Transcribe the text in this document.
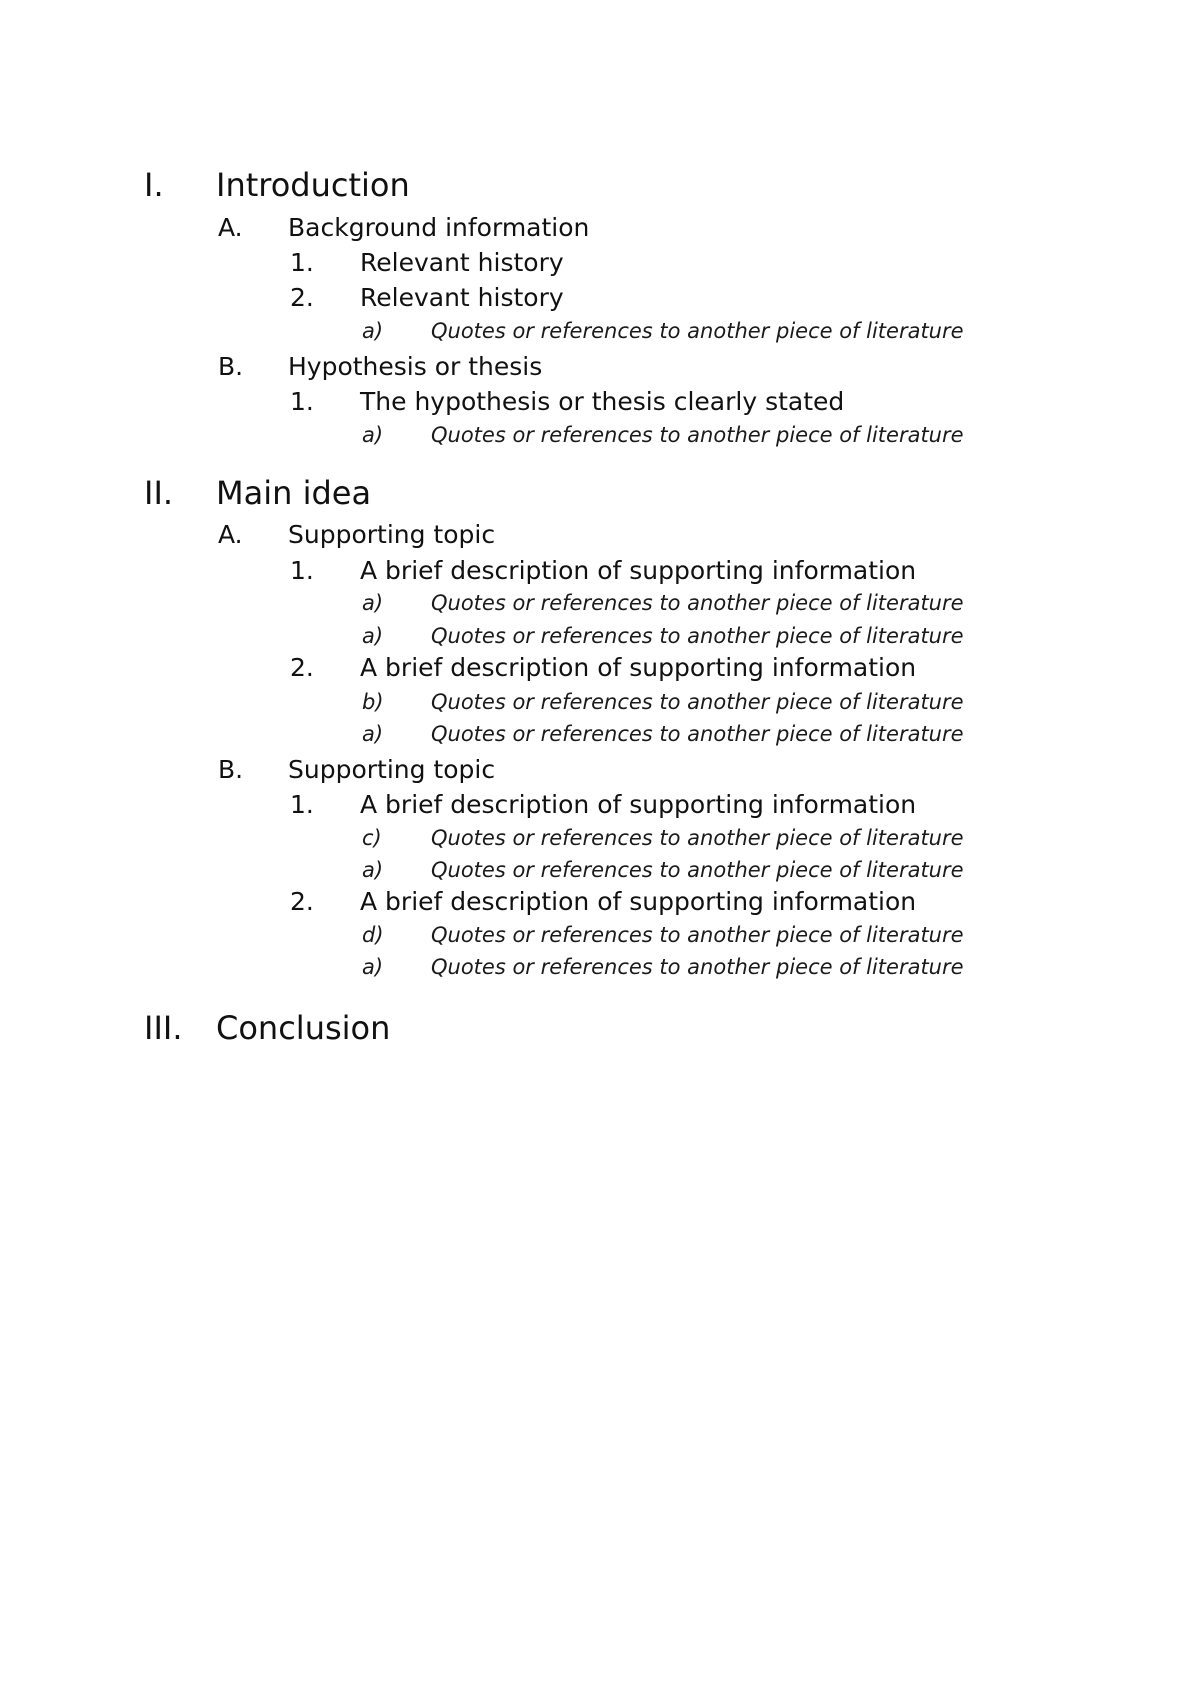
I. Introduction
A. Background information
1. Relevant history
2. Relevant history
a) Quotes or references to another piece of literature
B. Hypothesis or thesis
1. The hypothesis or thesis clearly stated
a) Quotes or references to another piece of literature
II. Main idea
A. Supporting topic
1. A brief description of supporting information
a) Quotes or references to another piece of literature
a) Quotes or references to another piece of literature
2. A brief description of supporting information
b) Quotes or references to another piece of literature
a) Quotes or references to another piece of literature
B. Supporting topic
1. A brief description of supporting information
c) Quotes or references to another piece of literature
a) Quotes or references to another piece of literature
2. A brief description of supporting information
d) Quotes or references to another piece of literature
a) Quotes or references to another piece of literature
III. Conclusion
